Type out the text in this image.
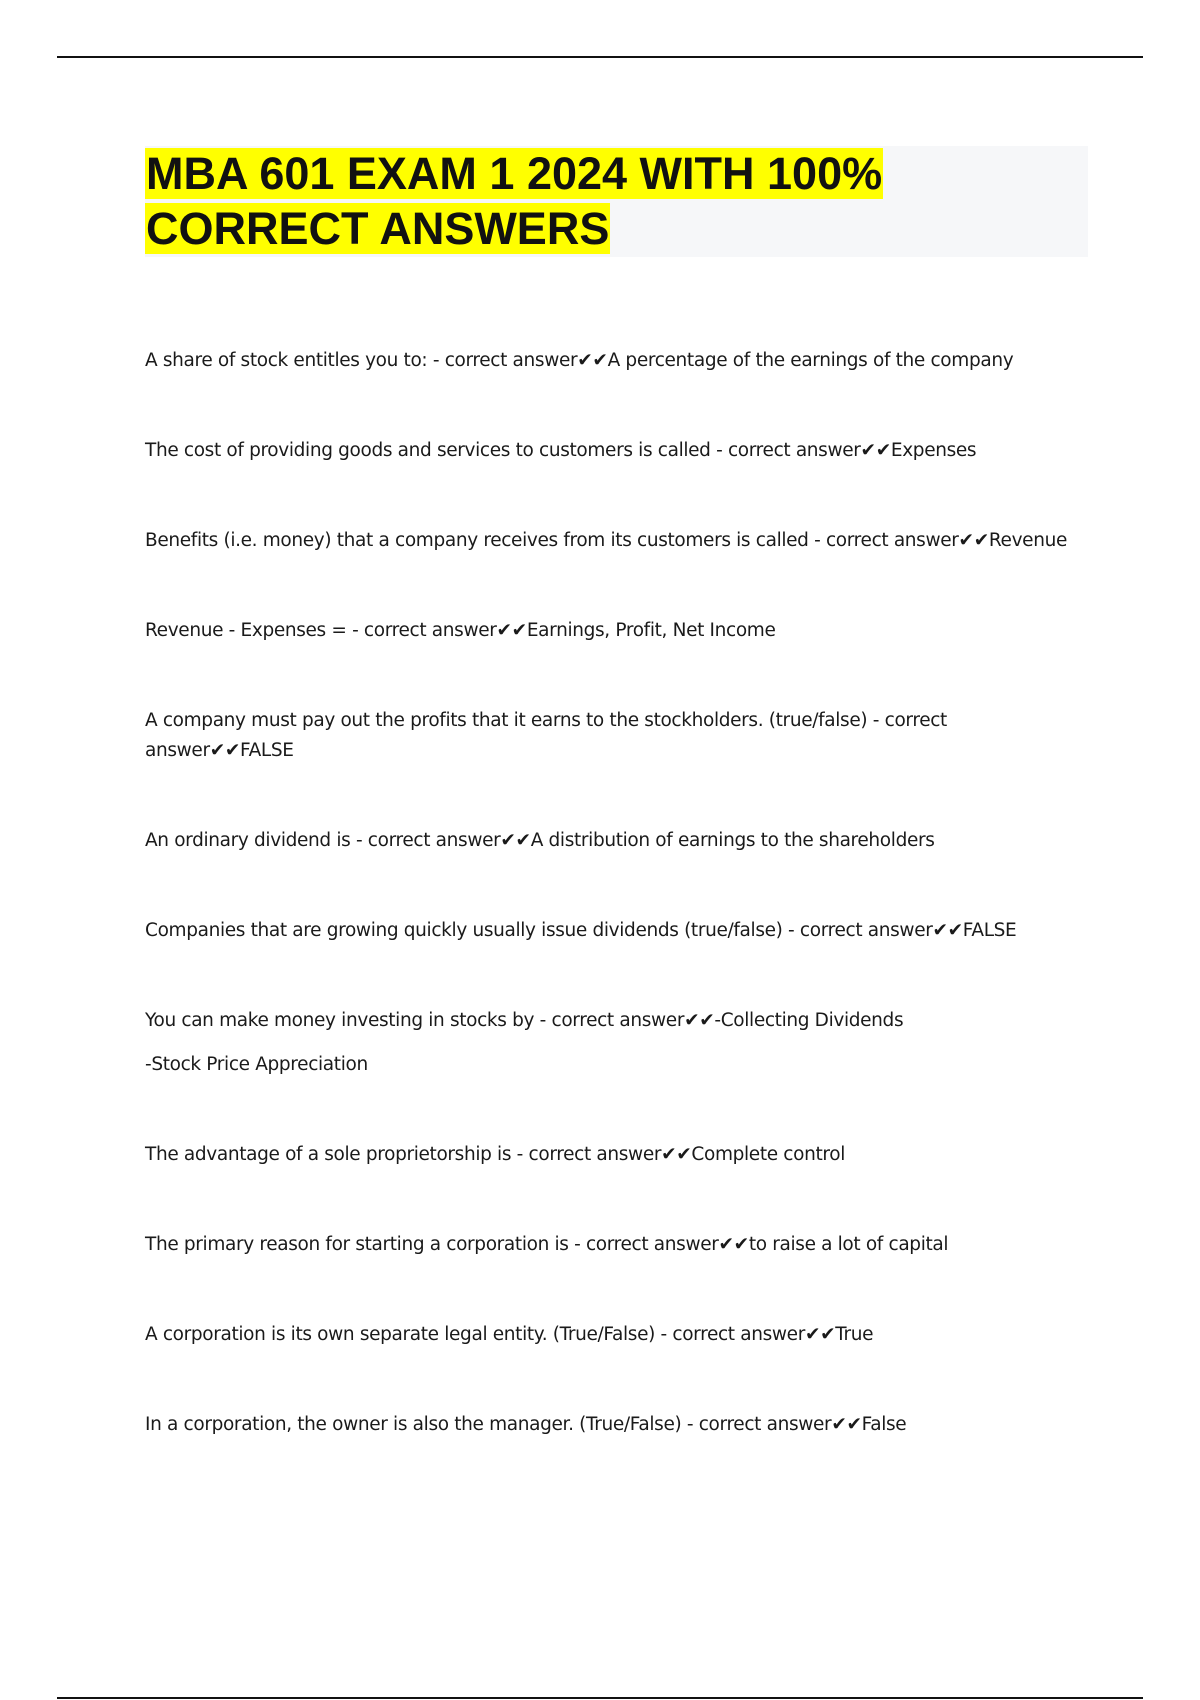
MBA 601 EXAM 1 2024 WITH 100%
CORRECT ANSWERS
A share of stock entitles you to: - correct answer✔✔A percentage of the earnings of the company
The cost of providing goods and services to customers is called - correct answer✔✔Expenses
Benefits (i.e. money) that a company receives from its customers is called - correct answer✔✔Revenue
Revenue - Expenses = - correct answer✔✔Earnings, Profit, Net Income
A company must pay out the profits that it earns to the stockholders. (true/false) - correct answer✔✔FALSE
An ordinary dividend is - correct answer✔✔A distribution of earnings to the shareholders
Companies that are growing quickly usually issue dividends (true/false) - correct answer✔✔FALSE
You can make money investing in stocks by - correct answer✔✔-Collecting Dividends
-Stock Price Appreciation
The advantage of a sole proprietorship is - correct answer✔✔Complete control
The primary reason for starting a corporation is - correct answer✔✔to raise a lot of capital
A corporation is its own separate legal entity. (True/False) - correct answer✔✔True
In a corporation, the owner is also the manager. (True/False) - correct answer✔✔False
